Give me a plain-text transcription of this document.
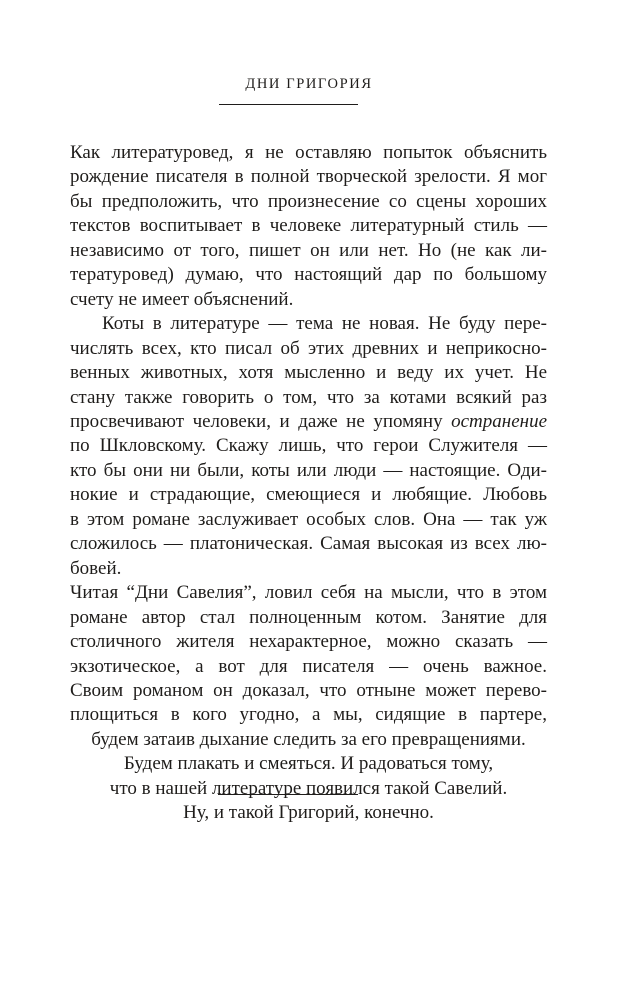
ДНИ ГРИГОРИЯ

Как литературовед, я не оставляю попыток объяснить
рождение писателя в полной творческой зрелости. Я мог
бы предположить, что произнесение со сцены хороших
текстов воспитывает в человеке литературный стиль —
независимо от того, пишет он или нет. Но (не как ли-
тературовед) думаю, что настоящий дар по большому
счету не имеет объяснений.

Коты в литературе — тема не новая. Не буду пере-
числять всех, кто писал об этих древних и неприкосно-
венных животных, хотя мысленно и веду их учет. Не
стану также говорить о том, что за котами всякий раз
просвечивают человеки, и даже не упомяну остранение
по Шкловскому. Скажу лишь, что герои Служителя —
кто бы они ни были, коты или люди — настоящие. Оди-
нокие и страдающие, смеющиеся и любящие. Любовь
в этом романе заслуживает особых слов. Она — так уж
сложилось — платоническая. Самая высокая из всех лю-
бовей.

Читая “Дни Савелия”, ловил себя на мысли, что в этом
романе автор стал полноценным котом. Занятие для
столичного жителя нехарактерное, можно сказать —
экзотическое, а вот для писателя — очень важное.
Своим романом он доказал, что отныне может перево-
площиться в кого угодно, а мы, сидящие в партере,
будем затаив дыхание следить за его превращениями.

Будем плакать и смеяться. И радоваться тому,
что в нашей литературе появился такой Савелий.
Ну, и такой Григорий, конечно.
